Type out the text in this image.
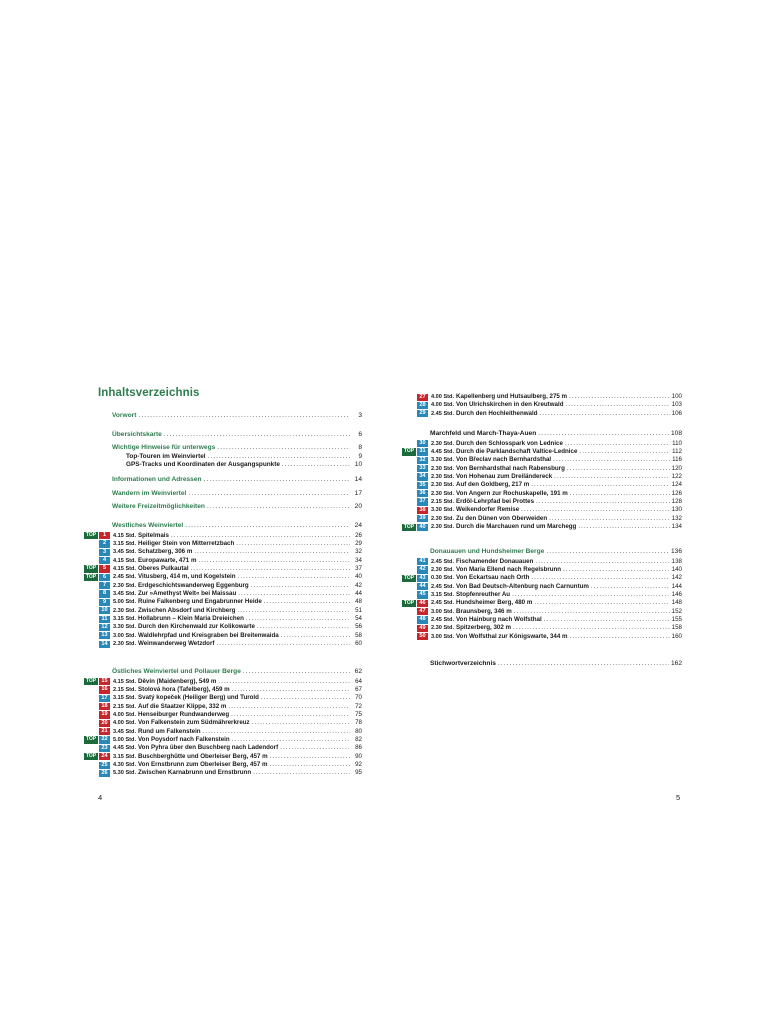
Inhaltsverzeichnis
4
Vorwort .....	3
Übersichtskarte .....	6
Wichtige Hinweise für unterwegs .....	8
Top-Touren im Weinviertel .....	9
GPS-Tracks und Koordinaten der Ausgangspunkte .....	10
Informationen und Adressen .....	14
Wandern im Weinviertel .....	17
Weitere Freizeitmöglichkeiten .....	20
Westliches Weinviertel .....	24
TOP	1	4.15 Std. Spitelmais .....	26
2	3.15 Std. Heiliger Stein von Mitterretzbach .....	29
3	3.45 Std. Schatzberg, 306 m .....	32
4	4.15 Std. Europawarte, 471 m .....	34
TOP	5	4.15 Std. Oberes Pulkautal .....	37
TOP	6	2.45 Std. Vitusberg, 414 m, und Kogelstein .....	40
7	2.30 Std. Erdgeschichtswanderweg Eggenburg .....	42
8	3.45 Std. Zur »Amethyst Welt« bei Maissau .....	44
9	5.00 Std. Ruine Falkenberg und Engabrunner Heide .....	48
10 2.30 Std. Zwischen Absdorf und Kirchberg .....	51
11 3.15 Std. Hollabrunn – Klein Maria Dreieichen .....	54
12 3.30 Std. Durch den Kirchenwald zur Kolikowarte .....	56
13 3.00 Std. Waldlehrpfad und Kreisgraben bei Breitenwaida .....	58
14 2.30 Std. Weinwanderweg Wetzdorf .....	60
Östliches Weinviertel und Pollauer Berge .....	62
TOP 15 4.15 Std. Děvín (Maidenberg), 549 m .....	64
16 2.15 Std. Stolová hora (Tafelberg), 459 m .....	67
17 3.15 Std. Svatý kopeček (Heiliger Berg) und Turold .....	70
18 2.15 Std. Auf die Staatzer Klippe, 332 m .....	72
19 4.00 Std. Henseiburger Rundwanderweg .....	75
20 4.00 Std. Von Falkenstein zum Südmährerkreuz .....	78
21 3.45 Std. Rund um Falkenstein .....	80
TOP 22 5.00 Std. Von Poysdorf nach Falkenstein .....	82
23 4.45 Std. Von Pyhra über den Buschberg nach Ladendorf .....	86
TOP 24 3.15 Std. Buschberghütte und Oberleiser Berg, 457 m .....	90
25 4.30 Std. Von Ernstbrunn zum Oberleiser Berg, 457 m .....	92
26 5.30 Std. Zwischen Karnabrunn und Ernstbrunn .....	95
5
27 4.00 Std. Kapellenberg und Hutsaulberg, 275 m .....	100
28 4.00 Std. Von Ulrichskirchen in den Kreutwald .....	103
29 2.45 Std. Durch den Hochleithenwald .....	106
Marchfeld und March-Thaya-Auen .....	108
30 2.30 Std. Durch den Schlosspark von Lednice .....	110
TOP 31 4.45 Std. Durch die Parklandschaft Valtice-Lednice .....	112
32 3.30 Std. Von Břeclav nach Bernhardsthal .....	116
33 2.30 Std. Von Bernhardsthal nach Rabensburg .....	120
34 2.30 Std. Von Hohenau zum Dreiländereck .....	122
35 2.30 Std. Auf den Goldberg, 217 m .....	124
36 2.30 Std. Von Angern zur Rochuskapelle, 191 m .....	126
37 2.15 Std. Erdöl-Lehrpfad bei Prottes .....	128
38 3.30 Std. Weikendorfer Remise .....	130
39 2.30 Std. Zu den Dünen von Oberweiden .....	132
TOP 40 2.30 Std. Durch die Marchauen rund um Marchegg .....	134
Donauauen und Hundsheimer Berge .....	136
41 2.45 Std. Fischamender Donauauen .....	138
42 2.30 Std. Von Maria Ellend nach Regelsbrunn .....	140
TOP 43 0.30 Std. Von Eckartsau nach Orth .....	142
44 2.45 Std. Von Bad Deutsch-Altenburg nach Carnuntum .....	144
45 3.15 Std. Stopfenreuther Au .....	146
TOP 46 2.45 Std. Hundsheimer Berg, 480 m .....	148
47 3.00 Std. Braunsberg, 346 m .....	152
48 2.45 Std. Von Hainburg nach Wolfsthal .....	155
49 2.30 Std. Spitzerberg, 302 m .....	158
50 3.00 Std. Von Wolfsthal zur Königswarte, 344 m .....	160
Stichwortverzeichnis .....	162
